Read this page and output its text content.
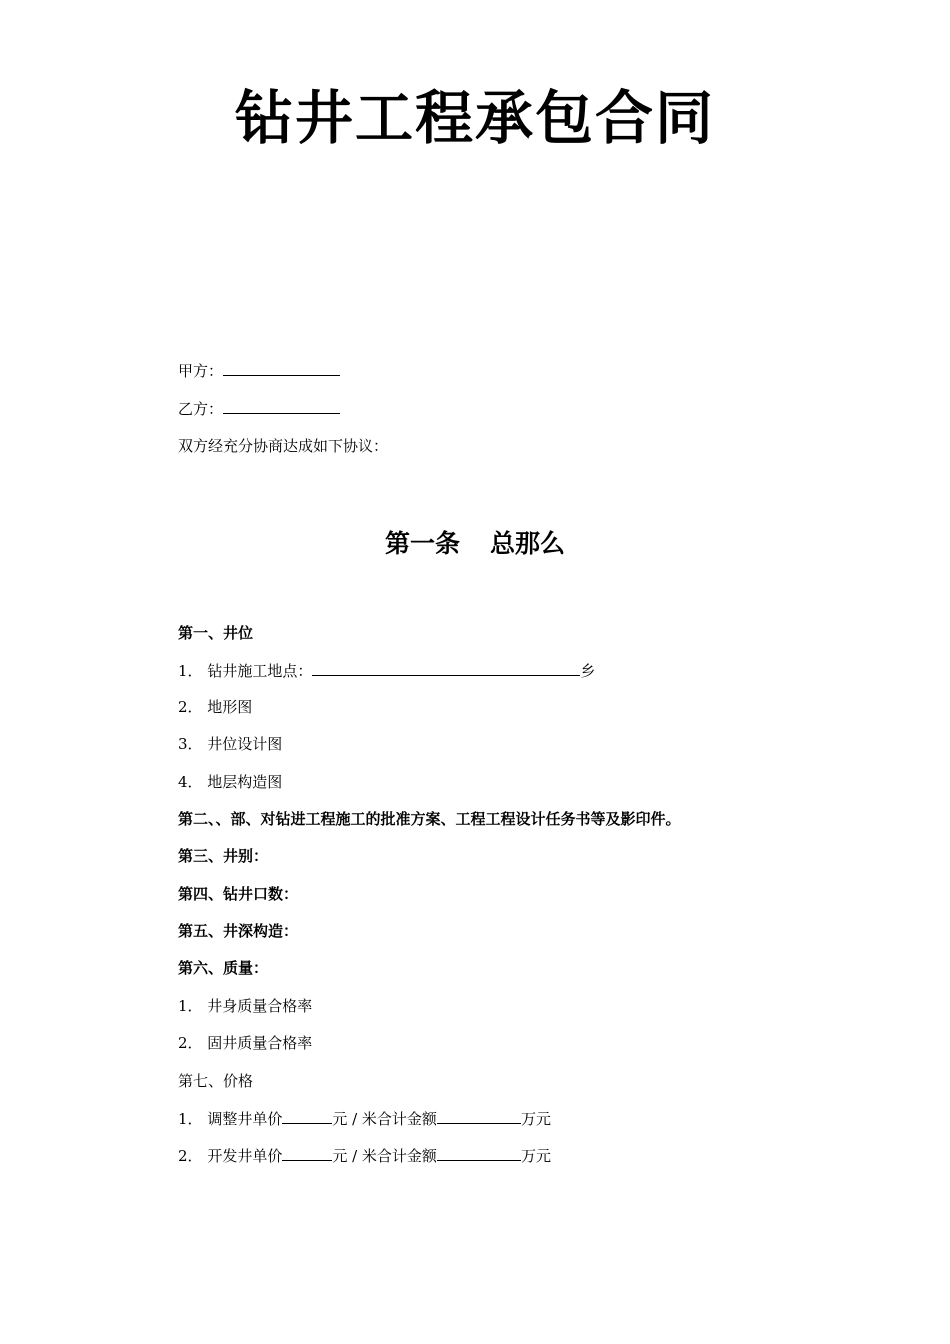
钻井工程承包合同
甲方：
乙方：
双方经充分协商达成如下协议：
第一条 总那么
第一、井位
1． 钻井施工地点：	乡
2． 地形图
3． 井位设计图
4． 地层构造图
第二、、部、对钻进工程施工的批准方案、工程工程设计任务书等及影印件。
第三、井别：
第四、钻井口数：
第五、井深构造：
第六、质量：
1． 井身质量合格率
2． 固井质量合格率
第七、价格
1． 调整井单价	元 / 米合计金额	万元
2． 开发井单价	元 / 米合计金额	万元
